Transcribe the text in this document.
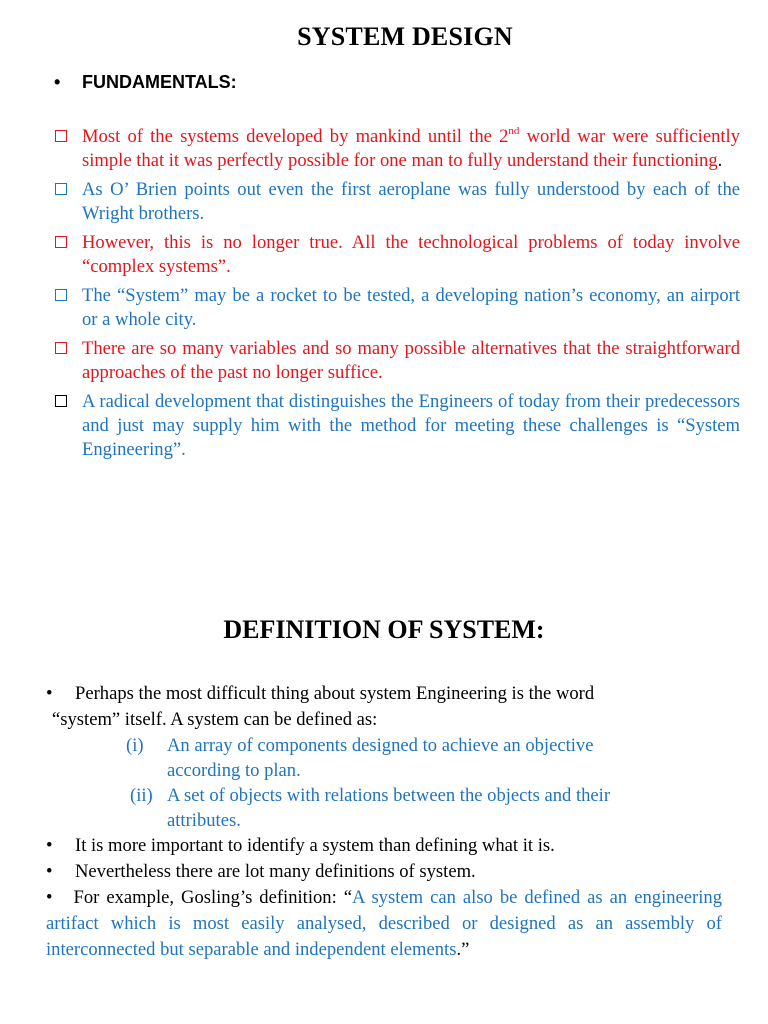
SYSTEM DESIGN
• FUNDAMENTALS:
Most of the systems developed by mankind until the 2nd world war were sufficiently simple that it was perfectly possible for one man to fully understand their functioning.
As O’ Brien points out even the first aeroplane was fully understood by each of the Wright brothers.
However, this is no longer true. All the technological problems of today involve “complex systems”.
The “System” may be a rocket to be tested, a developing nation’s economy, an airport or a whole city.
There are so many variables and so many possible alternatives that the straightforward approaches of the past no longer suffice.
A radical development that distinguishes the Engineers of today from their predecessors and just may supply him with the method for meeting these challenges is “System Engineering”.
DEFINITION OF SYSTEM:
• Perhaps the most difficult thing about system Engineering is the word
“system” itself. A system can be defined as:
(i) An array of components designed to achieve an objective
according to plan.
(ii) A set of objects with relations between the objects and their
attributes.
• It is more important to identify a system than defining what it is.
• Nevertheless there are lot many definitions of system.
• For example, Gosling’s definition: “A system can also be defined as an engineering artifact which is most easily analysed, described or designed as an assembly of interconnected but separable and independent elements.”
